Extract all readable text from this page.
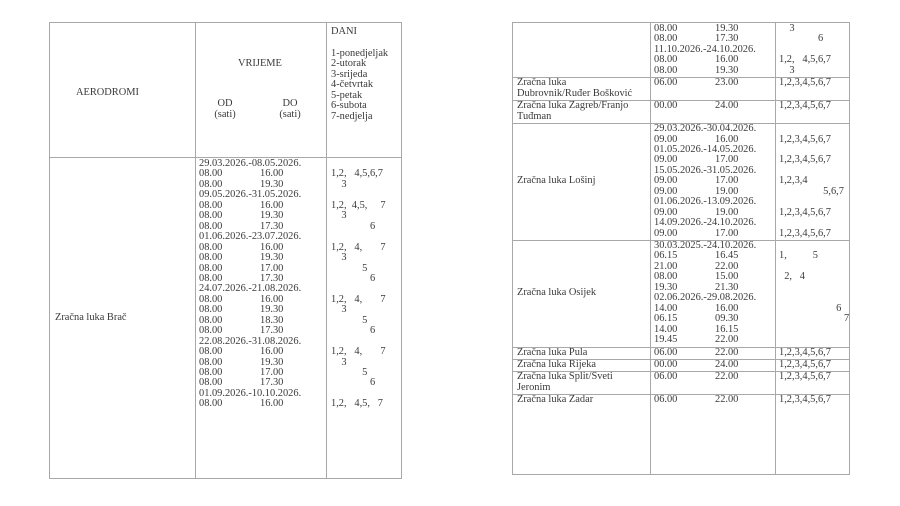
AERODROMI
VRIJEME
OD
(sati)
DO
(sati)
DANI
1-ponedjeljak
2-utorak
3-srijeda
4-četvrtak
5-petak
6-subota
7-nedjelja
Zračna luka Brač
29.03.2026.-08.05.2026.
08.00	16.00	1,2,   4,5,6,7
08.00	19.30	3
09.05.2026.-31.05.2026.
08.00	16.00	1,2,  4,5,     7
08.00	19.30	3
08.00	17.30	6
01.06.2026.-23.07.2026.
08.00	16.00	1,2,   4,       7
08.00	19.30	3
08.00	17.00	5
08.00	17.30	6
24.07.2026.-21.08.2026.
08.00	16.00	1,2,   4,       7
08.00	19.30	3
08.00	18.30	5
08.00	17.30	6
22.08.2026.-31.08.2026.
08.00	16.00	1,2,   4,       7
08.00	19.30	3
08.00	17.00	5
08.00	17.30	6
01.09.2026.-10.10.2026.
08.00	16.00	1,2,   4,5,   7
08.00	19.30	3
08.00	17.30	6
11.10.2026.-24.10.2026.
08.00	16.00	1,2,   4,5,6,7
08.00	19.30	3
Zračna luka
Dubrovnik/Ruđer Bošković
06.00	23.00	1,2,3,4,5,6,7
Zračna luka Zagreb/Franjo
Tuđman
00.00	24.00	1,2,3,4,5,6,7
Zračna luka Lošinj
29.03.2026.-30.04.2026.
09.00	16.00	1,2,3,4,5,6,7
01.05.2026.-14.05.2026.
09.00	17.00	1,2,3,4,5,6,7
15.05.2026.-31.05.2026.
09.00	17.00	1,2,3,4
09.00	19.00	5,6,7
01.06.2026.-13.09.2026.
09.00	19.00	1,2,3,4,5,6,7
14.09.2026.-24.10.2026.
09.00	17.00	1,2,3,4,5,6,7
Zračna luka Osijek
30.03.2025.-24.10.2026.
06.15	16.45	1,          5
21.00	22.00
08.00	15.00	2,   4
19.30	21.30
02.06.2026.-29.08.2026.
14.00	16.00	6
06.15	09.30	7
14.00	16.15
19.45	22.00
Zračna luka Pula	06.00	22.00	1,2,3,4,5,6,7
Zračna luka Rijeka	00.00	24.00	1,2,3,4,5,6,7
Zračna luka Split/Sveti
Jeronim
06.00	22.00	1,2,3,4,5,6,7
Zračna luka Zadar	06.00	22.00	1,2,3,4,5,6,7
